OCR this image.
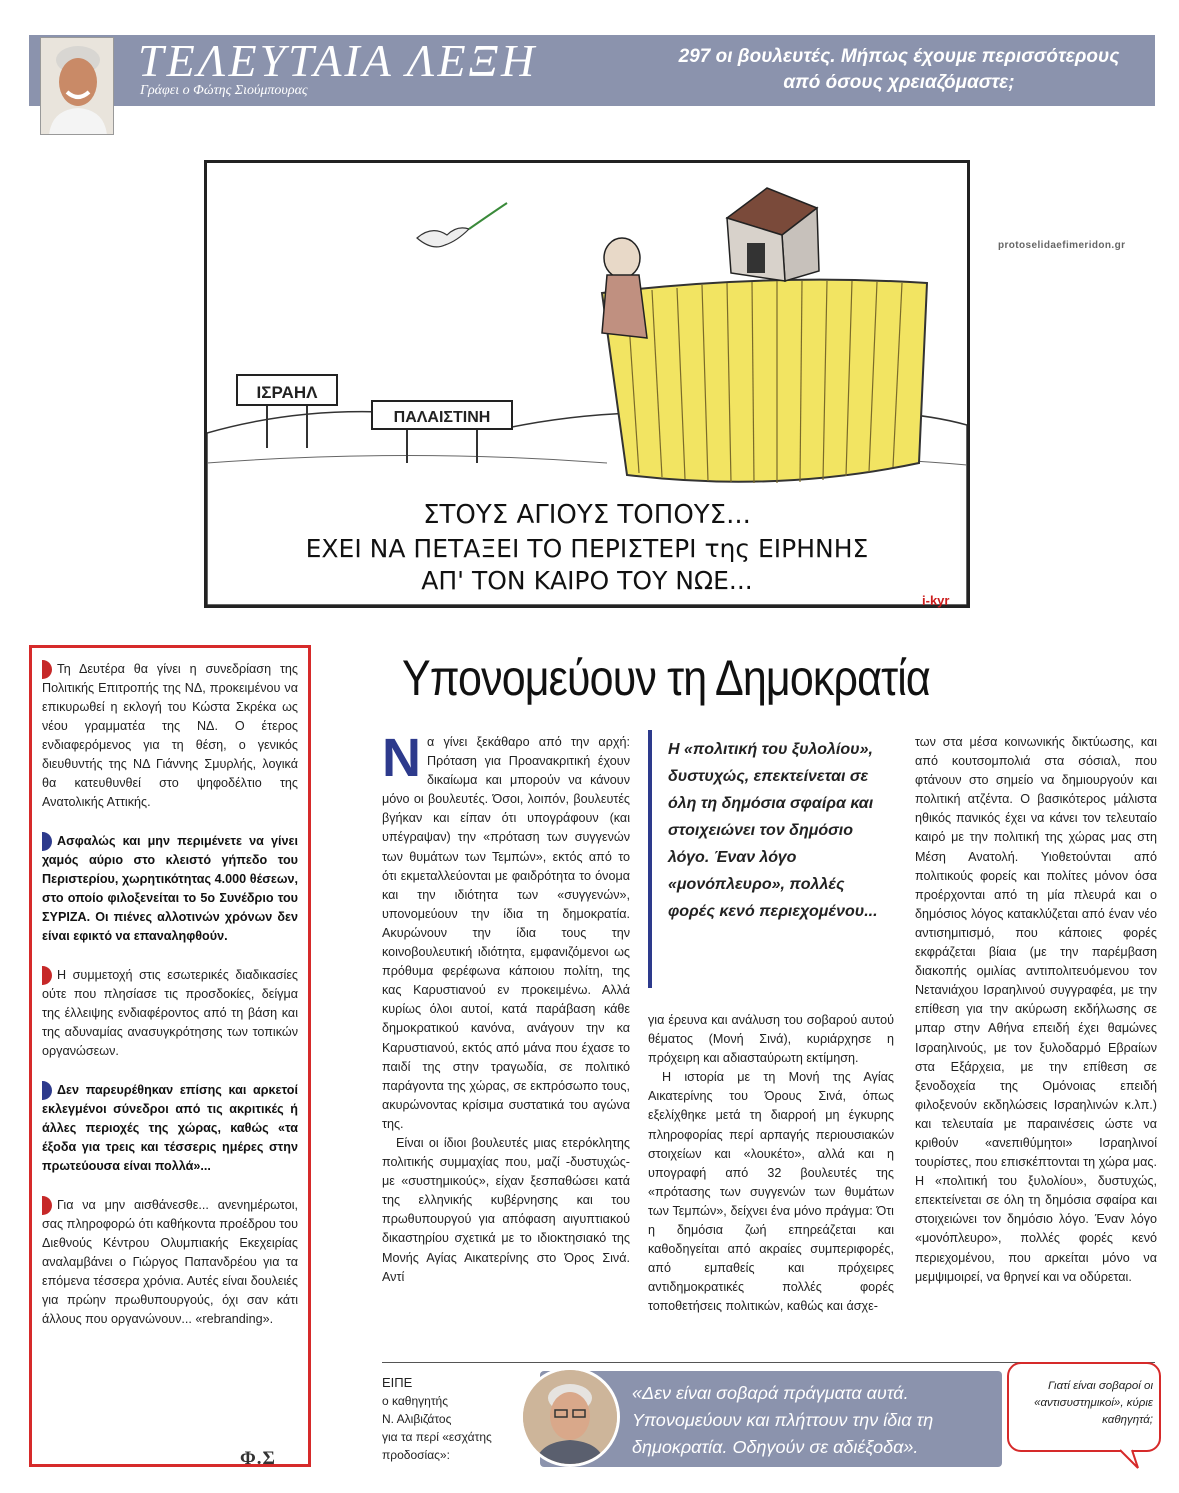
ΤΕΛΕΥΤΑΙΑ ΛΕΞΗ
Γράφει ο Φώτης Σιούμπουρας
297 οι βουλευτές. Μήπως έχουμε περισσότερους από όσους χρειαζόμαστε;
ΙΣΡΑΗΛ
ΠΑΛΑΙΣΤΙΝΗ
ΣΤΟΥΣ ΑΓΙΟΥΣ ΤΟΠΟΥΣ...
ΕΧΕΙ ΝΑ ΠΕΤΑΞΕΙ ΤΟ ΠΕΡΙΣΤΕΡΙ της ΕΙΡΗΝΗΣ
ΑΠ' ΤΟΝ ΚΑΙΡΟ ΤΟΥ ΝΩΕ...
protoselidaefimeridon.gr
i-kyr
Τη Δευτέρα θα γίνει η συνεδρίαση της Πολιτικής Επιτροπής της ΝΔ, προκειμένου να επικυρωθεί η εκλογή του Κώστα Σκρέκα ως νέου γραμματέα της ΝΔ. Ο έτερος ενδιαφερόμενος για τη θέση, ο γενικός διευθυντής της ΝΔ Γιάννης Σμυρλής, λογικά θα κατευθυνθεί στο ψηφοδέλτιο της Ανατολικής Αττικής.
Ασφαλώς και μην περιμένετε να γίνει χαμός αύριο στο κλειστό γήπεδο του Περιστερίου, χωρητικότητας 4.000 θέσεων, στο οποίο φιλοξενείται το 5ο Συνέδριο του ΣΥΡΙΖΑ. Οι πιένες αλλοτινών χρόνων δεν είναι εφικτό να επαναληφθούν.
Η συμμετοχή στις εσωτερικές διαδικασίες ούτε που πλησίασε τις προσδοκίες, δείγμα της έλλειψης ενδιαφέροντος από τη βάση και της αδυναμίας ανασυγκρότησης των τοπικών οργανώσεων.
Δεν παρευρέθηκαν επίσης και αρκετοί εκλεγμένοι σύνεδροι από τις ακριτικές ή άλλες περιοχές της χώρας, καθώς «τα έξοδα για τρεις και τέσσερις ημέρες στην πρωτεύουσα είναι πολλά»...
Για να μην αισθάνεσθε... ανενημέρωτοι, σας πληροφορώ ότι καθήκοντα προέδρου του Διεθνούς Κέντρου Ολυμπιακής Εκεχειρίας αναλαμβάνει ο Γιώργος Παπανδρέου για τα επόμενα τέσσερα χρόνια. Αυτές είναι δουλειές για πρώην πρωθυπουργούς, όχι σαν κάτι άλλους που οργανώνουν... «rebranding».
Φ.Σ
Υπονομεύουν τη Δημοκρατία

Να γίνει ξεκάθαρο από την αρχή: Πρόταση για Προανακριτική έχουν δικαίωμα και μπορούν να κάνουν μόνο οι βουλευτές. Όσοι, λοιπόν, βουλευτές βγήκαν και είπαν ότι υπογράφουν (και υπέγραψαν) την «πρόταση των συγγενών των θυμάτων των Τεμπών», εκτός από το ότι εκμεταλλεύονται με φαιδρότητα το όνομα και την ιδιότητα των «συγγενών», υπονομεύουν την ίδια τη δημοκρατία. Ακυρώνουν την ίδια τους την κοινοβουλευτική ιδιότητα, εμφανιζόμενοι ως πρόθυμα φερέφωνα κάποιου πολίτη, της κας Καρυστιανού εν προκειμένω. Αλλά κυρίως όλοι αυτοί, κατά παράβαση κάθε δημοκρατικού κανόνα, ανάγουν την κα Καρυστιανού, εκτός από μάνα που έχασε το παιδί της στην τραγωδία, σε πολιτικό παράγοντα της χώρας, σε εκπρόσωπο τους, ακυρώνοντας κρίσιμα συστατικά του αγώνα της.

Είναι οι ίδιοι βουλευτές μιας ετερόκλητης πολιτικής συμμαχίας που, μαζί -δυστυχώς- με «συστημικούς», είχαν ξεσπαθώσει κατά της ελληνικής κυβέρνησης και του πρωθυπουργού για απόφαση αιγυπτιακού δικαστηρίου σχετικά με το ιδιοκτησιακό της Μονής Αγίας Αικατερίνης στο Όρος Σινά. Αντί

Η «πολιτική του ξυλολίου», δυστυχώς, επεκτείνεται σε όλη τη δημόσια σφαίρα και στοιχειώνει τον δημόσιο λόγο. Έναν λόγο «μονόπλευρο», πολλές φορές κενό περιεχομένου...

για έρευνα και ανάλυση του σοβαρού αυτού θέματος (Μονή Σινά), κυριάρχησε η πρόχειρη και αδιασταύρωτη εκτίμηση.

Η ιστορία με τη Μονή της Αγίας Αικατερίνης του Όρους Σινά, όπως εξελίχθηκε μετά τη διαρροή μη έγκυρης πληροφορίας περί αρπαγής περιουσιακών στοιχείων και «λουκέτο», αλλά και η υπογραφή από 32 βουλευτές της «πρότασης των συγγενών των θυμάτων των Τεμπών», δείχνει ένα μόνο πράγμα: Ότι η δημόσια ζωή επηρεάζεται και καθοδηγείται από ακραίες συμπεριφορές, από εμπαθείς και πρόχειρες αντιδημοκρατικές πολλές φορές τοποθετήσεις πολιτικών, καθώς και άσχε-

των στα μέσα κοινωνικής δικτύωσης, και από κουτσομπολιά στα σόσιαλ, που φτάνουν στο σημείο να δημιουργούν και πολιτική ατζέντα. Ο βασικότερος μάλιστα ηθικός πανικός έχει να κάνει τον τελευταίο καιρό με την πολιτική της χώρας μας στη Μέση Ανατολή. Υιοθετούνται από πολιτικούς φορείς και πολίτες μόνον όσα προέρχονται από τη μία πλευρά και ο δημόσιος λόγος κατακλύζεται από έναν νέο αντισημιτισμό, που κάποιες φορές εκφράζεται βίαια (με την παρέμβαση διακοπής ομιλίας αντιπολιτευόμενου τον Νετανιάχου Ισραηλινού συγγραφέα, με την επίθεση για την ακύρωση εκδήλωσης σε μπαρ στην Αθήνα επειδή έχει θαμώνες Ισραηλινούς, με τον ξυλοδαρμό Εβραίων στα Εξάρχεια, με την επίθεση σε ξενοδοχεία της Ομόνοιας επειδή φιλοξενούν εκδηλώσεις Ισραηλινών κ.λπ.) και τελευταία με παραινέσεις ώστε να κριθούν «ανεπιθύμητοι» Ισραηλινοί τουρίστες, που επισκέπτονται τη χώρα μας. Η «πολιτική του ξυλολίου», δυστυχώς, επεκτείνεται σε όλη τη δημόσια σφαίρα και στοιχειώνει τον δημόσιο λόγο. Έναν λόγο «μονόπλευρο», πολλές φορές κενό περιεχομένου, που αρκείται μόνο να μεμψιμοιρεί, να θρηνεί και να οδύρεται.

ΕΙΠΕ
ο καθηγητής
Ν. Αλιβιζάτος
για τα περί «εσχάτης προδοσίας»:
«Δεν είναι σοβαρά πράγματα αυτά. Υπονομεύουν και πλήττουν την ίδια τη δημοκρατία. Οδηγούν σε αδιέξοδα».
Γιατί είναι σοβαροί οι «αντισυστημικοί», κύριε καθηγητά;
